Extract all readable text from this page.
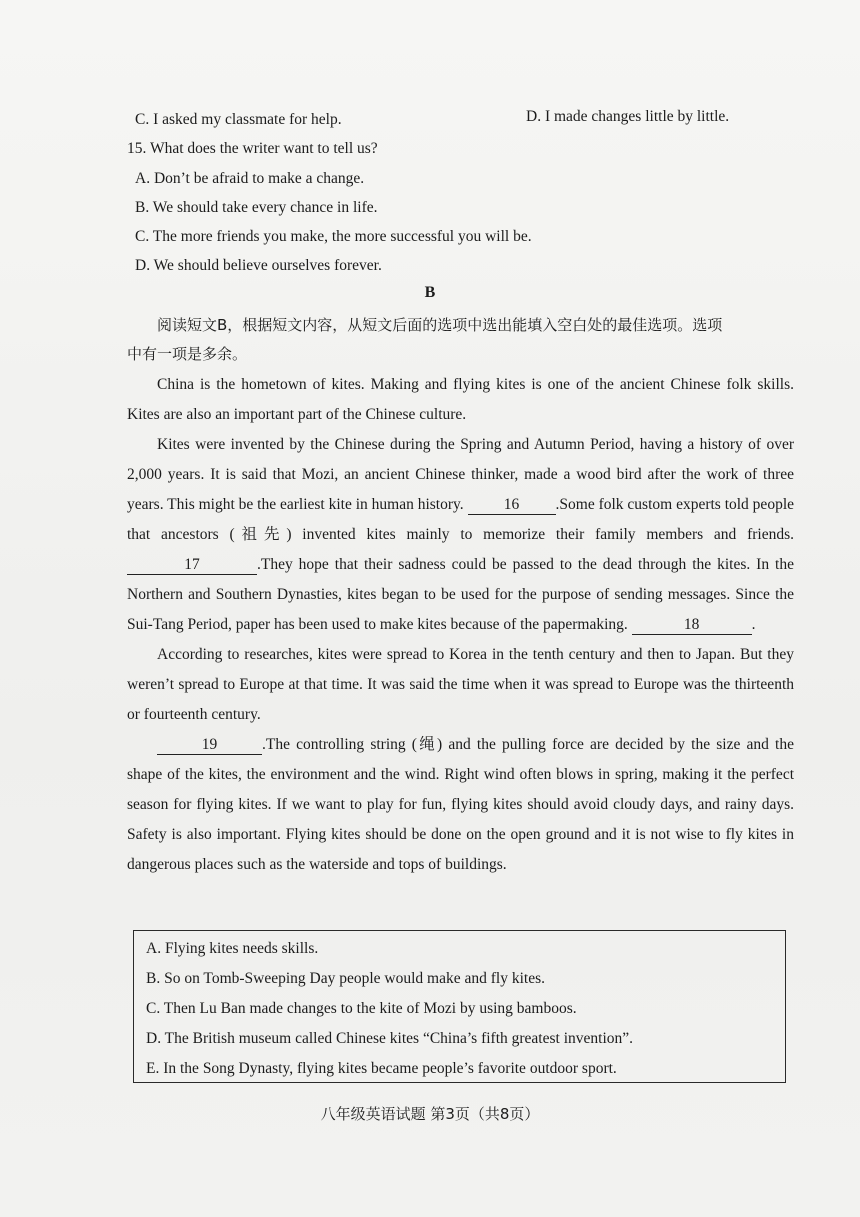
C. I asked my classmate for help.	D. I made changes little by little.
15. What does the writer want to tell us?
A. Don’t be afraid to make a change.
B. We should take every chance in life.
C. The more friends you make, the more successful you will be.
D. We should believe ourselves forever.
B
阅读短文B，根据短文内容，从短文后面的选项中选出能填入空白处的最佳选项。选项
中有一项是多余。

China is the hometown of kites. Making and flying kites is one of the ancient Chinese folk skills. Kites are also an important part of the Chinese culture.

Kites were invented by the Chinese during the Spring and Autumn Period, having a history of over 2,000 years. It is said that Mozi, an ancient Chinese thinker, made a wood bird after the work of three years. This might be the earliest kite in human history.	16 .Some folk custom experts told people that ancestors (祖先) invented kites mainly to memorize their family members and friends. 17	.They hope that their sadness could be passed to the dead through the kites. In the Northern and Southern Dynasties, kites began to be used for the purpose of sending messages. Since the Sui-Tang Period, paper has been used to make kites because of the papermaking.	18	.

According to researches, kites were spread to Korea in the tenth century and then to Japan. But they weren’t spread to Europe at that time. It was said the time when it was spread to Europe was the thirteenth or fourteenth century.

19	.The controlling string (绳) and the pulling force are decided by the size and the shape of the kites, the environment and the wind. Right wind often blows in spring, making it the perfect season for flying kites. If we want to play for fun, flying kites should avoid cloudy days, and rainy days. Safety is also important. Flying kites should be done on the open ground and it is not wise to fly kites in dangerous places such as the waterside and tops of buildings.

A. Flying kites needs skills.
B. So on Tomb-Sweeping Day people would make and fly kites.
C. Then Lu Ban made changes to the kite of Mozi by using bamboos.
D. The British museum called Chinese kites “China’s fifth greatest invention”.
E. In the Song Dynasty, flying kites became people’s favorite outdoor sport.
八年级英语试题 第3页（共8页）
